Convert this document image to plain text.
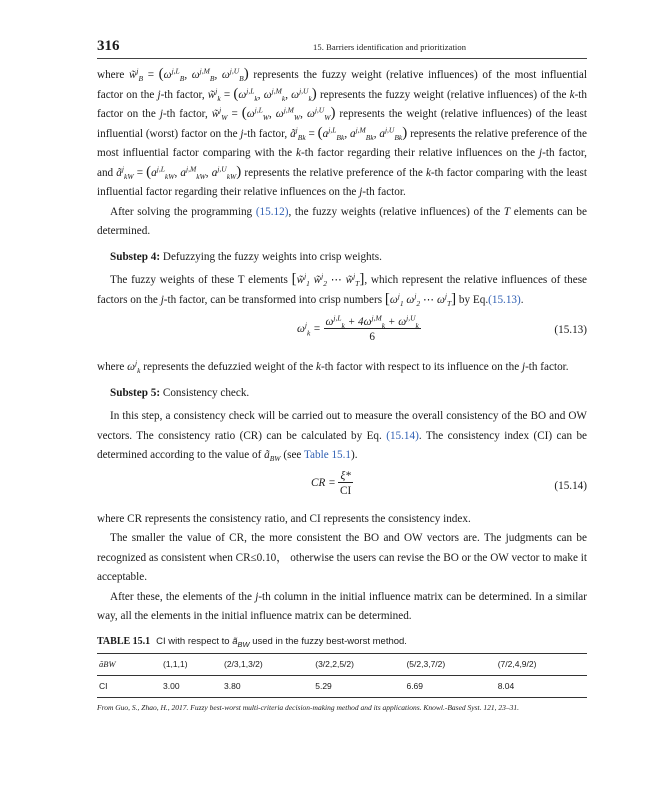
316	15. Barriers identification and prioritization

where w̃$^j_B$ = ($\omega^{j,L}_B$, $\omega^{j,M}_B$, $\omega^{j,U}_B$) represents the fuzzy weight (relative influences) of the most influential factor on the j-th factor, w̃$^j_k$ = ($\omega^{j,L}_k$, $\omega^{j,M}_k$, $\omega^{j,U}_k$) represents the fuzzy weight (relative influences) of the k-th factor on the j-th factor, w̃$^j_W$ = ($\omega^{j,L}_W$, $\omega^{j,M}_W$, $\omega^{j,U}_W$) represents the weight (relative influences) of the least influential (worst) factor on the j-th factor, $ã^j_{Bk} = (a^{j,L}_{Bk}$, $a^{j,M}_{Bk}$, $a^{j,U}_{Bk}$) represents the relative preference of the most influential factor comparing with the k-th factor regarding their relative influences on the j-th factor, and $ã^j_{kW} = (a^{j,L}_{kW}$, $a^{j,M}_{kW}$, $a^{j,U}_{kW}$) represents the relative preference of the k-th factor comparing with the least influential factor regarding their relative influences on the j-th factor.

After solving the programming (15.12), the fuzzy weights (relative influences) of the T elements can be determined.

Substep 4: Defuzzying the fuzzy weights into crisp weights.

The fuzzy weights of these T elements [w̃$^j_1$ w̃$^j_2$ ⋯ w̃$^j_T$], which represent the relative influences of these factors on the j-th factor, can be transformed into crisp numbers [$\omega^j_1$ $\omega^j_2$ ⋯ $\omega^j_T$] by Eq.(15.13).

$\omega^j_k = \frac{\omega^{j,L}_k + 4\omega^{j,M}_k + \omega^{j,U}_k}{6}$	(15.13)

where $\omega^j_k$ represents the defuzzied weight of the k-th factor with respect to its influence on the j-th factor.

Substep 5: Consistency check.

In this step, a consistency check will be carried out to measure the overall consistency of the BO and OW vectors. The consistency ratio (CR) can be calculated by Eq. (15.14). The consistency index (CI) can be determined according to the value of $ã_{BW}$ (see Table 15.1).

CR = $\frac{\xi*}{CI}$	(15.14)

where CR represents the consistency ratio, and CI represents the consistency index.

The smaller the value of CR, the more consistent the BO and OW vectors are. The judgments can be recognized as consistent when CR≤0.10， otherwise the users can revise the BO or the OW vector to make it acceptable.

After these, the elements of the j-th column in the initial influence matrix can be determined. In a similar way, all the elements in the initial influence matrix can be determined.

TABLE 15.1 CI with respect to $ã_{BW}$ used in the fuzzy best-worst method.
ãBW	(1,1,1)	(2/3,1,3/2)	(3/2,2,5/2)	(5/2,3,7/2)	(7/2,4,9/2)
CI	3.00	3.80	5.29	6.69	8.04
From Guo, S., Zhao, H., 2017. Fuzzy best-worst multi-criteria decision-making method and its applications. Knowl.-Based Syst. 121, 23–31.
